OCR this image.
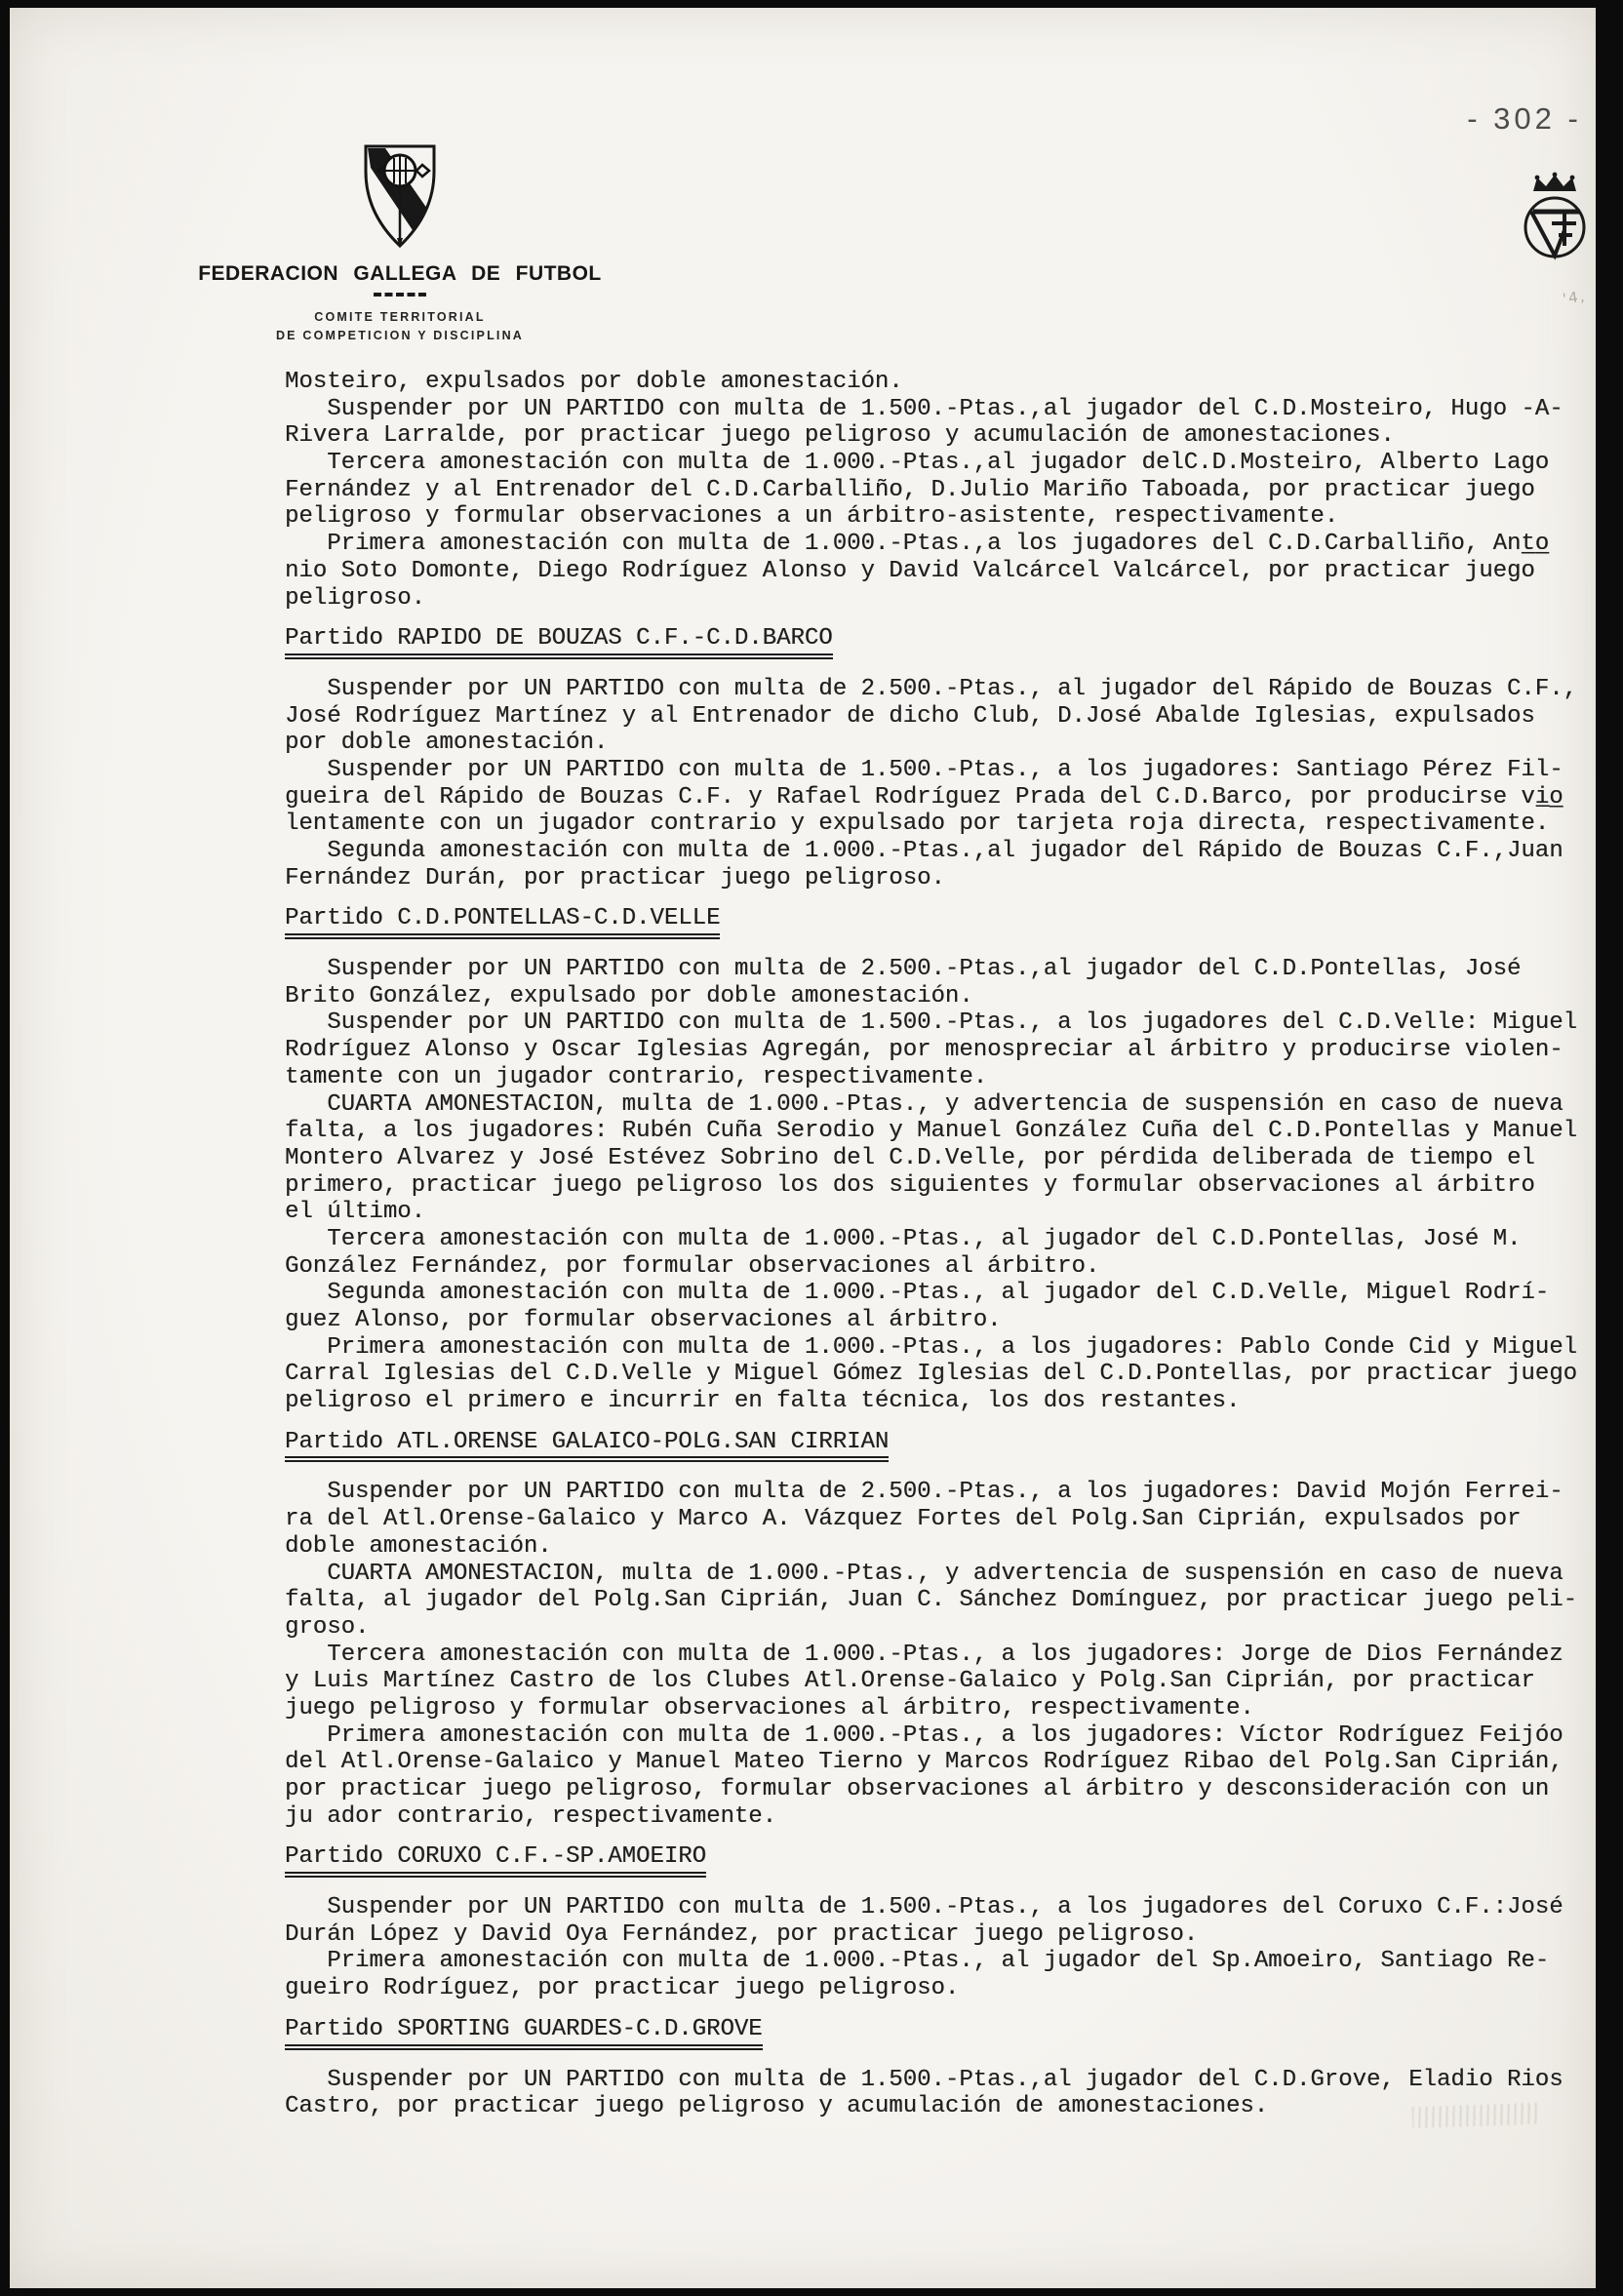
FEDERACION GALLEGA DE FUTBOL
COMITE TERRITORIAL
DE COMPETICION Y DISCIPLINA
- 302 -
'4,
Mosteiro, expulsados por doble amonestación.
Suspender por UN PARTIDO con multa de 1.500.-Ptas.,al jugador del C.D.Mosteiro, Hugo -A-
Rivera Larralde, por practicar juego peligroso y acumulación de amonestaciones.
Tercera amonestación con multa de 1.000.-Ptas.,al jugador delC.D.Mosteiro, Alberto Lago
Fernández y al Entrenador del C.D.Carballiño, D.Julio Mariño Taboada, por practicar juego
peligroso y formular observaciones a un árbitro-asistente, respectivamente.
Primera amonestación con multa de 1.000.-Ptas.,a los jugadores del C.D.Carballiño, Ant̲o̲
nio Soto Domonte, Diego Rodríguez Alonso y David Valcárcel Valcárcel, por practicar juego
peligroso.
Partido RAPIDO DE BOUZAS C.F.-C.D.BARCO
Suspender por UN PARTIDO con multa de 2.500.-Ptas., al jugador del Rápido de Bouzas C.F.,
José Rodríguez Martínez y al Entrenador de dicho Club, D.José Abalde Iglesias, expulsados
por doble amonestación.
Suspender por UN PARTIDO con multa de 1.500.-Ptas., a los jugadores: Santiago Pérez Fil-
gueira del Rápido de Bouzas C.F. y Rafael Rodríguez Prada del C.D.Barco, por producirse vi̲o̲
lentamente con un jugador contrario y expulsado por tarjeta roja directa, respectivamente.
Segunda amonestación con multa de 1.000.-Ptas.,al jugador del Rápido de Bouzas C.F.,Juan
Fernández Durán, por practicar juego peligroso.
Partido C.D.PONTELLAS-C.D.VELLE
Suspender por UN PARTIDO con multa de 2.500.-Ptas.,al jugador del C.D.Pontellas, José
Brito González, expulsado por doble amonestación.
Suspender por UN PARTIDO con multa de 1.500.-Ptas., a los jugadores del C.D.Velle: Miguel
Rodríguez Alonso y Oscar Iglesias Agregán, por menospreciar al árbitro y producirse violen-
tamente con un jugador contrario, respectivamente.
CUARTA AMONESTACION, multa de 1.000.-Ptas., y advertencia de suspensión en caso de nueva
falta, a los jugadores: Rubén Cuña Serodio y Manuel González Cuña del C.D.Pontellas y Manuel
Montero Alvarez y José Estévez Sobrino del C.D.Velle, por pérdida deliberada de tiempo el
primero, practicar juego peligroso los dos siguientes y formular observaciones al árbitro
el último.
Tercera amonestación con multa de 1.000.-Ptas., al jugador del C.D.Pontellas, José M.
González Fernández, por formular observaciones al árbitro.
Segunda amonestación con multa de 1.000.-Ptas., al jugador del C.D.Velle, Miguel Rodrí-
guez Alonso, por formular observaciones al árbitro.
Primera amonestación con multa de 1.000.-Ptas., a los jugadores: Pablo Conde Cid y Miguel
Carral Iglesias del C.D.Velle y Miguel Gómez Iglesias del C.D.Pontellas, por practicar juego
peligroso el primero e incurrir en falta técnica, los dos restantes.
Partido ATL.ORENSE GALAICO-POLG.SAN CIRRIAN
Suspender por UN PARTIDO con multa de 2.500.-Ptas., a los jugadores: David Mojón Ferrei-
ra del Atl.Orense-Galaico y Marco A. Vázquez Fortes del Polg.San Ciprián, expulsados por
doble amonestación.
CUARTA AMONESTACION, multa de 1.000.-Ptas., y advertencia de suspensión en caso de nueva
falta, al jugador del Polg.San Ciprián, Juan C. Sánchez Domínguez, por practicar juego peli-
groso.
Tercera amonestación con multa de 1.000.-Ptas., a los jugadores: Jorge de Dios Fernández
y Luis Martínez Castro de los Clubes Atl.Orense-Galaico y Polg.San Ciprián, por practicar
juego peligroso y formular observaciones al árbitro, respectivamente.
Primera amonestación con multa de 1.000.-Ptas., a los jugadores: Víctor Rodríguez Feijóo
del Atl.Orense-Galaico y Manuel Mateo Tierno y Marcos Rodríguez Ribao del Polg.San Ciprián,
por practicar juego peligroso, formular observaciones al árbitro y desconsideración con un
ju ador contrario, respectivamente.
Partido CORUXO C.F.-SP.AMOEIRO
Suspender por UN PARTIDO con multa de 1.500.-Ptas., a los jugadores del Coruxo C.F.:José
Durán López y David Oya Fernández, por practicar juego peligroso.
Primera amonestación con multa de 1.000.-Ptas., al jugador del Sp.Amoeiro, Santiago Re-
gueiro Rodríguez, por practicar juego peligroso.
Partido SPORTING GUARDES-C.D.GROVE
Suspender por UN PARTIDO con multa de 1.500.-Ptas.,al jugador del C.D.Grove, Eladio Rios
Castro, por practicar juego peligroso y acumulación de amonestaciones.
